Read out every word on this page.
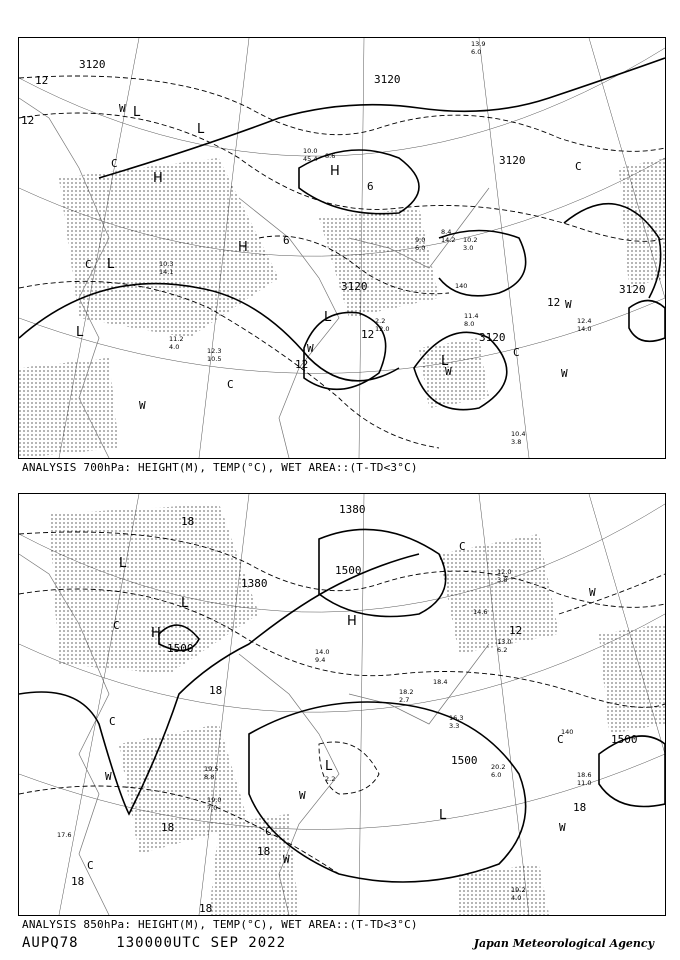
3120
3120
3120
3120
3120
3120
12
12
12
12
6
6
12
L
L
L
L
L
L
H	H
H
W
W
W
W
W
W
C
C
C
C
C
10.0
45.4 8.6
11.4
8.0	12.4
14.0
10.4
3.8
9.0
6.0
10.2
3.0
2.2
12.0
8.4
14.2
10.3
14.1
12.3
10.5
11.2
4.0
13.9
6.0
140
ANALYSIS 700hPa: HEIGHT(M), TEMP(°C), WET AREA::(T-TD<3°C)
1500
1500
1500
1500
1380
1380
18
18
18
18
18
18
12
18
L
L
L
L
H
H
W
W
W
W
W
C
C
C
C
C
C
19.2
4.0
18.6
11.0
20.2
6.0
13.0
6.2
14.6
18.4
12.0
3.8
17.6
2.2
19.5
8.8
19.0
7.0
18.2
2.7
16.3
3.3
14.0
9.4
140
ANALYSIS 850hPa: HEIGHT(M), TEMP(°C), WET AREA::(T-TD<3°C)
AUPQ78	130000UTC SEP 2022	Japan Meteorological Agency
